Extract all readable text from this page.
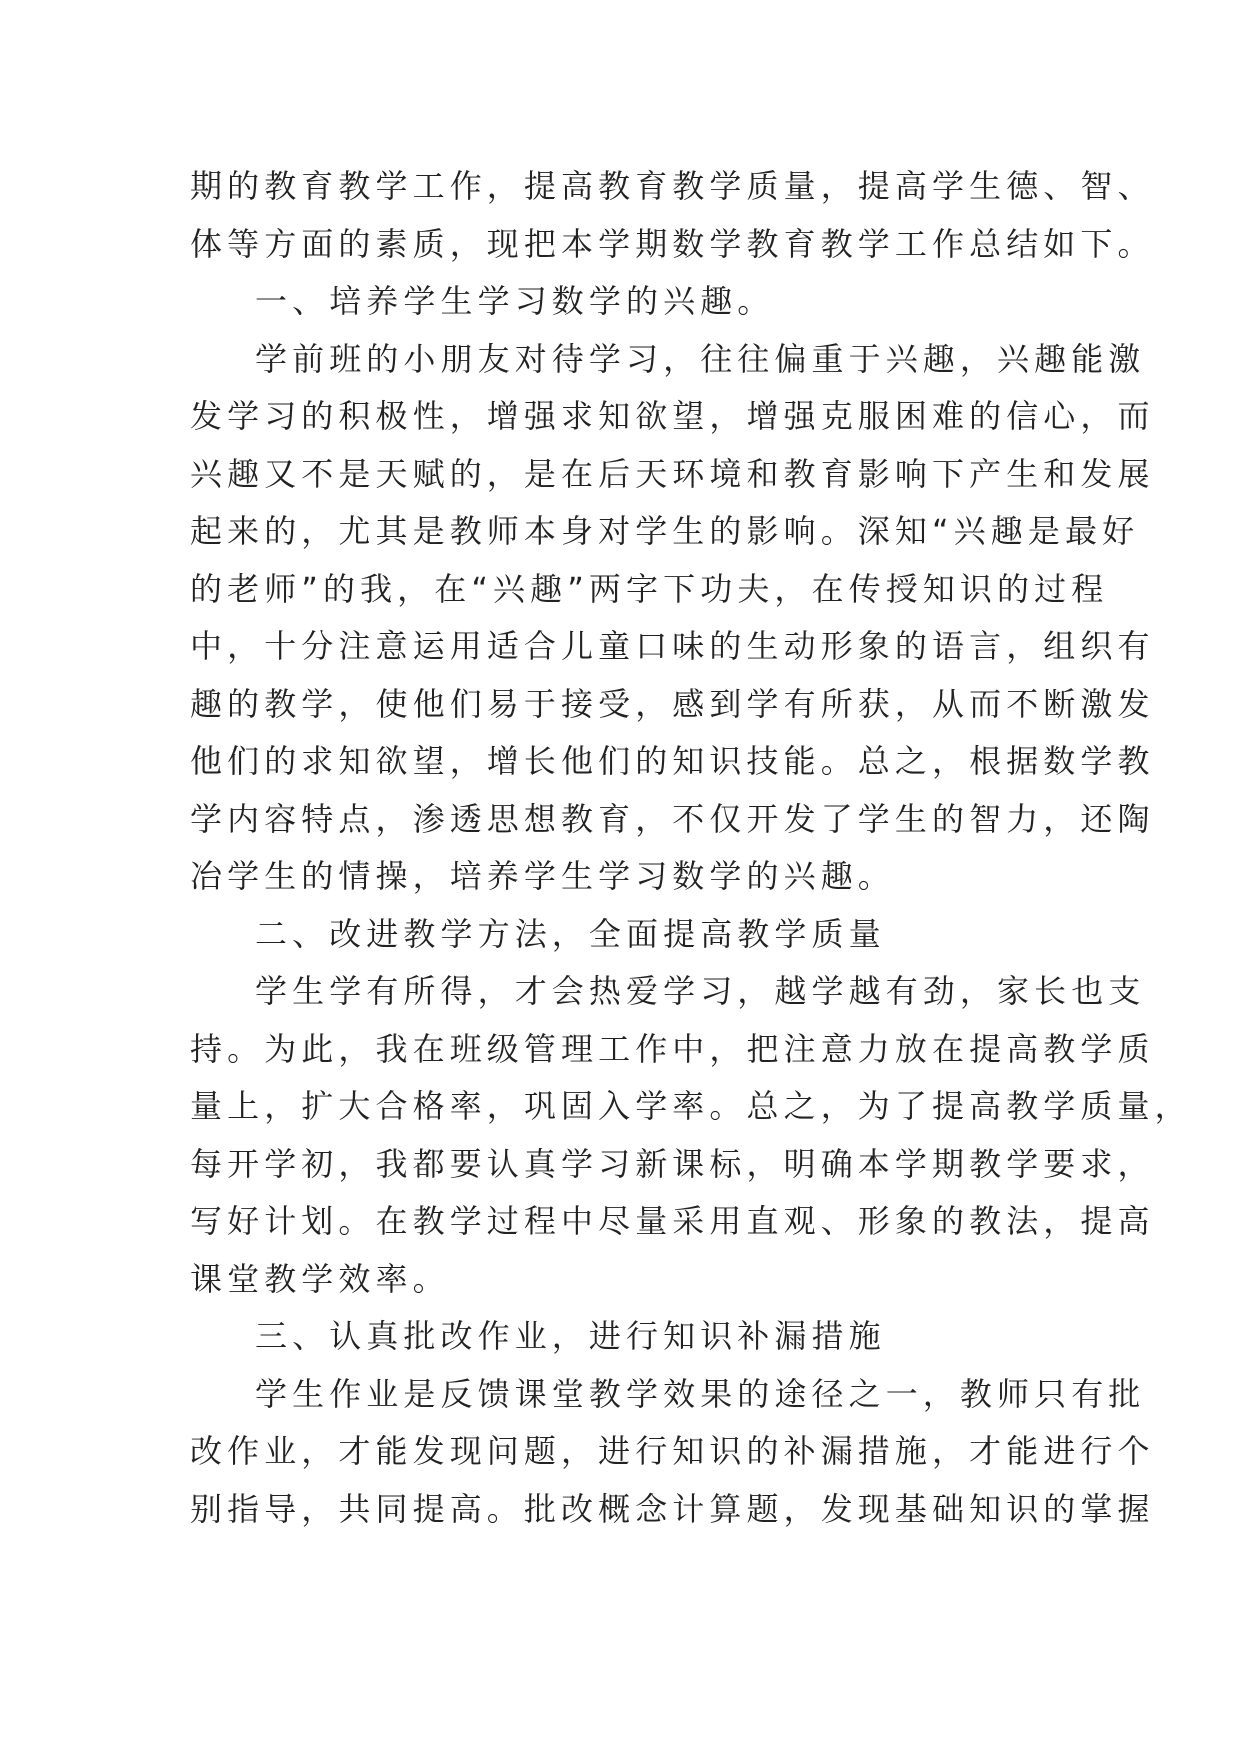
期的教育教学工作，提高教育教学质量，提高学生德、智、
体等方面的素质，现把本学期数学教育教学工作总结如下。
一、培养学生学习数学的兴趣。
学前班的小朋友对待学习，往往偏重于兴趣，兴趣能激
发学习的积极性，增强求知欲望，增强克服困难的信心，而
兴趣又不是天赋的，是在后天环境和教育影响下产生和发展
起来的，尤其是教师本身对学生的影响。深知“兴趣是最好
的老师”的我，在“兴趣”两字下功夫，在传授知识的过程
中，十分注意运用适合儿童口味的生动形象的语言，组织有
趣的教学，使他们易于接受，感到学有所获，从而不断激发
他们的求知欲望，增长他们的知识技能。总之，根据数学教
学内容特点，渗透思想教育，不仅开发了学生的智力，还陶
冶学生的情操，培养学生学习数学的兴趣。
二、改进教学方法，全面提高教学质量
学生学有所得，才会热爱学习，越学越有劲，家长也支
持。为此，我在班级管理工作中，把注意力放在提高教学质
量上，扩大合格率，巩固入学率。总之，为了提高教学质量，
每开学初，我都要认真学习新课标，明确本学期教学要求，
写好计划。在教学过程中尽量采用直观、形象的教法，提高
课堂教学效率。
三、认真批改作业，进行知识补漏措施
学生作业是反馈课堂教学效果的途径之一，教师只有批
改作业，才能发现问题，进行知识的补漏措施，才能进行个
别指导，共同提高。批改概念计算题，发现基础知识的掌握
